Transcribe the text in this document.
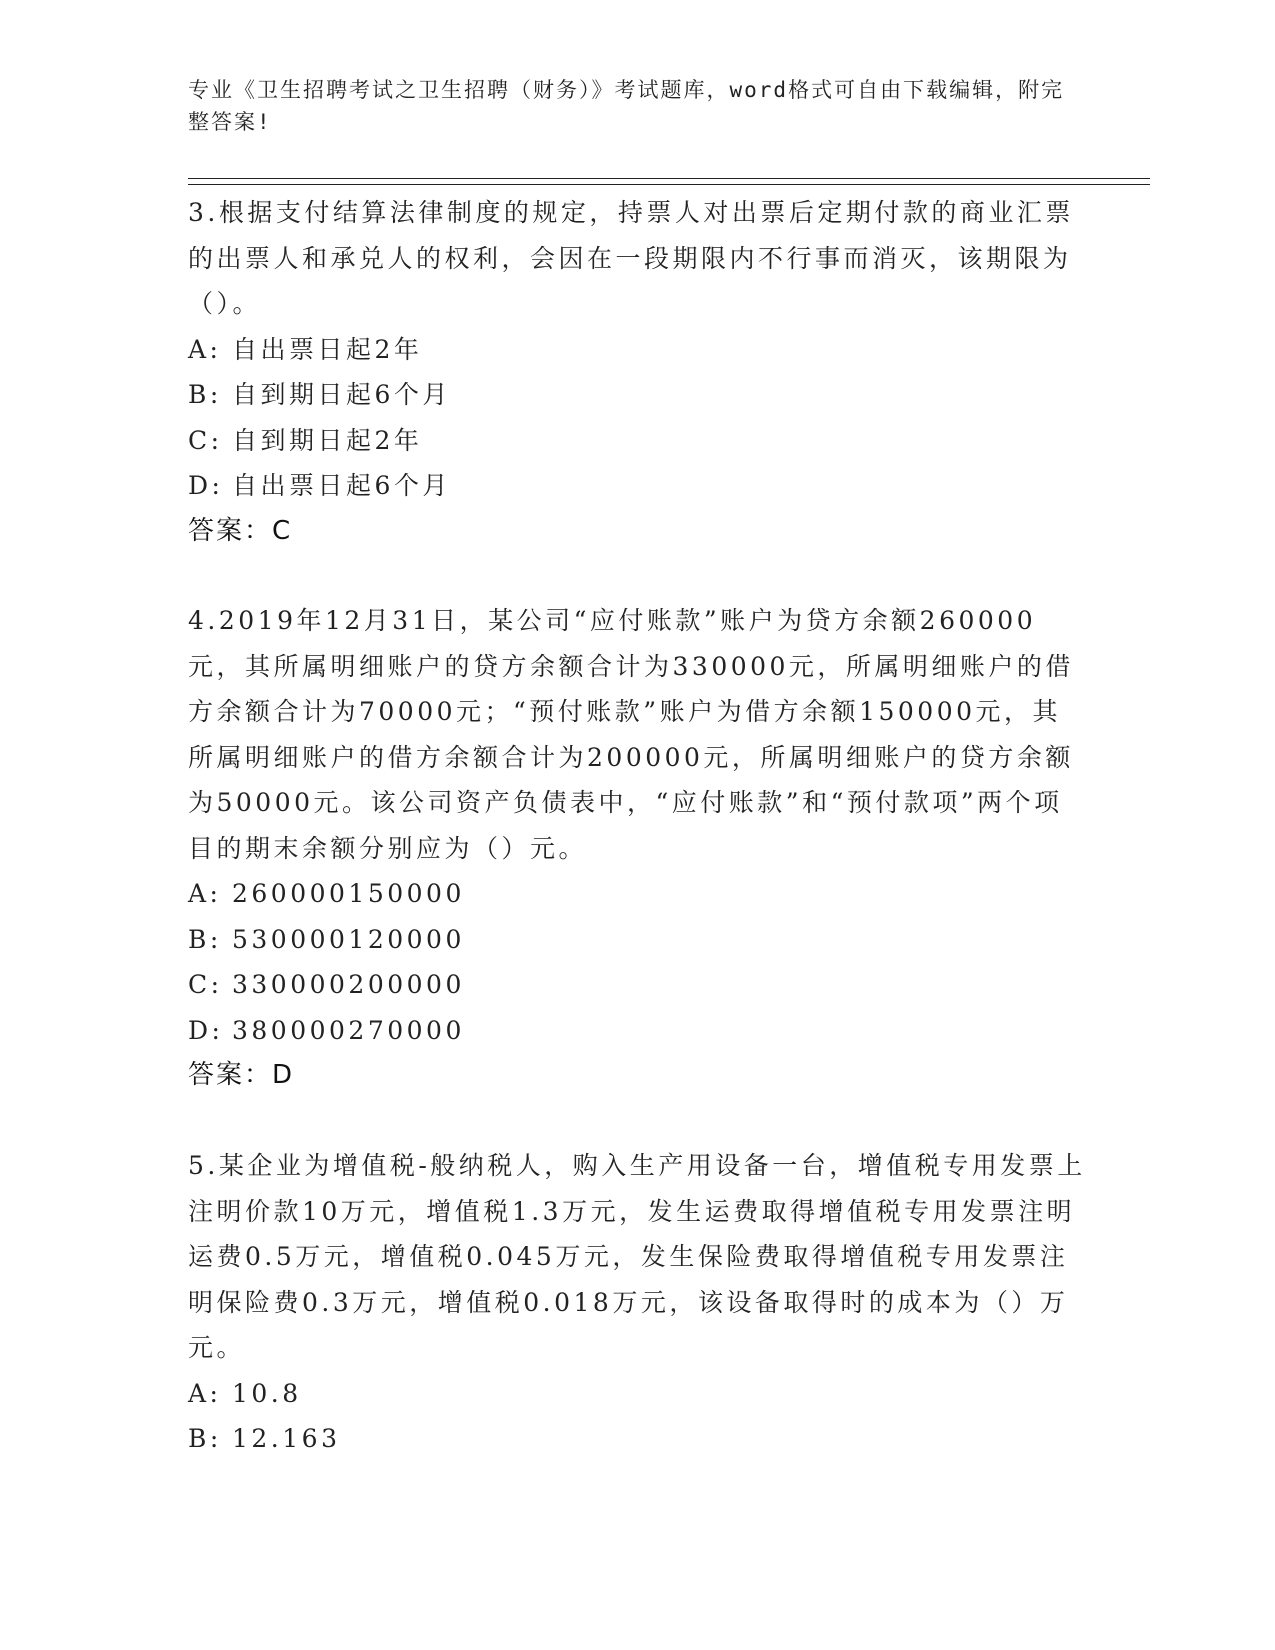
专业《卫生招聘考试之卫生招聘（财务）》考试题库，word格式可自由下载编辑，附完整答案!

3.根据支付结算法律制度的规定，持票人对出票后定期付款的商业汇票的出票人和承兑人的权利，会因在一段期限内不行事而消灭，该期限为（）。

A: 自出票日起2年

B: 自到期日起6个月

C: 自到期日起2年

D: 自出票日起6个月

答案：C

4.2019年12月31日，某公司“应付账款”账户为贷方余额260000元，其所属明细账户的贷方余额合计为330000元，所属明细账户的借方余额合计为70000元；“预付账款”账户为借方余额150000元，其所属明细账户的借方余额合计为200000元，所属明细账户的贷方余额为50000元。该公司资产负债表中，“应付账款”和“预付款项”两个项目的期末余额分别应为（）元。

A: 260000150000

B: 530000120000

C: 330000200000

D: 380000270000

答案：D

5.某企业为增值税-般纳税人，购入生产用设备一台，增值税专用发票上注明价款10万元，增值税1.3万元，发生运费取得增值税专用发票注明运费0.5万元，增值税0.045万元，发生保险费取得增值税专用发票注明保险费0.3万元，增值税0.018万元，该设备取得时的成本为（）万元。

A: 10.8

B: 12.163
